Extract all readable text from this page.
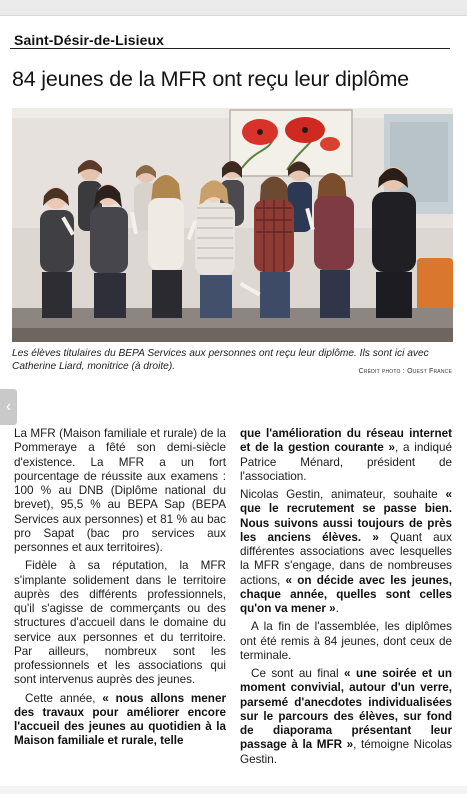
Saint-Désir-de-Lisieux
84 jeunes de la MFR ont reçu leur diplôme

Les élèves titulaires du BEPA Services aux personnes ont reçu leur diplôme. Ils sont ici avec Catherine Liard, monitrice (à droite).	Crédit photo : Ouest France
‹

La MFR (Maison familiale et rurale) de la Pommeraye a fêté son demi-siècle d'existence. La MFR a un fort pourcentage de réussite aux examens : 100 % au DNB (Diplôme national du brevet), 95,5 % au BEPA Sap (BEPA Services aux personnes) et 81 % au bac pro Sapat (bac pro services aux personnes et aux territoires).

Fidèle à sa réputation, la MFR s'implante solidement dans le territoire auprès des différents professionnels, qu'il s'agisse de commerçants ou des structures d'accueil dans le domaine du service aux personnes et du territoire. Par ailleurs, nombreux sont les professionnels et les associations qui sont intervenus auprès des jeunes.

Cette année, « nous allons mener des travaux pour améliorer encore l'accueil des jeunes au quotidien à la Maison familiale et rurale, telle

que l'amélioration du réseau internet et de la gestion courante », a indiqué Patrice Ménard, président de l'association.

Nicolas Gestin, animateur, souhaite « que le recrutement se passe bien. Nous suivons aussi toujours de près les anciens élèves. » Quant aux différentes associations avec lesquelles la MFR s'engage, dans de nombreuses actions, « on décide avec les jeunes, chaque année, quelles sont celles qu'on va mener ».

A la fin de l'assemblée, les diplômes ont été remis à 84 jeunes, dont ceux de terminale.

Ce sont au final « une soirée et un moment convivial, autour d'un verre, parsemé d'anecdotes individualisées sur le parcours des élèves, sur fond de diaporama présentant leur passage à la MFR », témoigne Nicolas Gestin.
